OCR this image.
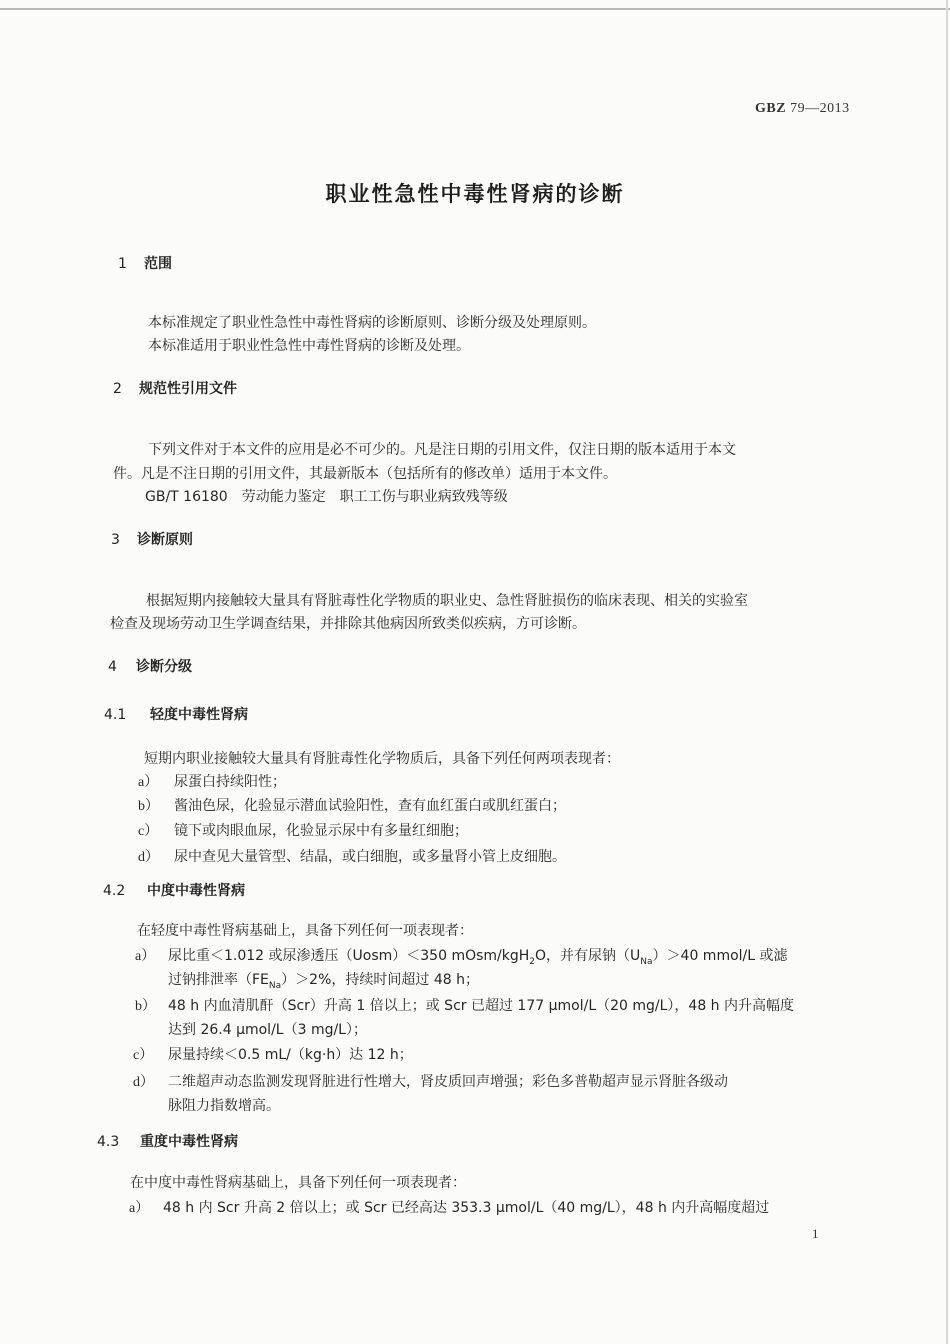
GBZ 79—2013
职业性急性中毒性肾病的诊断
1 范围
本标准规定了职业性急性中毒性肾病的诊断原则、诊断分级及处理原则。
本标准适用于职业性急性中毒性肾病的诊断及处理。
2 规范性引用文件
下列文件对于本文件的应用是必不可少的。凡是注日期的引用文件，仅注日期的版本适用于本文
件。凡是不注日期的引用文件，其最新版本（包括所有的修改单）适用于本文件。
GB/T 16180　劳动能力鉴定　职工工伤与职业病致残等级
3 诊断原则
根据短期内接触较大量具有肾脏毒性化学物质的职业史、急性肾脏损伤的临床表现、相关的实验室
检查及现场劳动卫生学调查结果，并排除其他病因所致类似疾病，方可诊断。
4 诊断分级
4.1 轻度中毒性肾病
短期内职业接触较大量具有肾脏毒性化学物质后，具备下列任何两项表现者：
a） 尿蛋白持续阳性；
b） 酱油色尿，化验显示潜血试验阳性，查有血红蛋白或肌红蛋白；
c） 镜下或肉眼血尿，化验显示尿中有多量红细胞；
d） 尿中查见大量管型、结晶，或白细胞，或多量肾小管上皮细胞。
4.2 中度中毒性肾病
在轻度中毒性肾病基础上，具备下列任何一项表现者：
a） 尿比重＜1.012 或尿渗透压（Uosm）＜350 mOsm/kgH$_2$O，并有尿钠$(U_{Na})>40$ mmol/L 或滤
过钠排泄率$(FE_{Na})>2\%$，持续时间超过 48 h；
b） 48 h 内血清肌酐（Scr）升高 1 倍以上；或 Scr 已超过 177 μmol/L（20 mg/L），48 h 内升高幅度
达到 26.4 μmol/L（3 mg/L）；
c） 尿量持续＜0.5 mL/（kg·h）达 12 h；
d） 二维超声动态监测发现肾脏进行性增大，肾皮质回声增强；彩色多普勒超声显示肾脏各级动
脉阻力指数增高。
4.3 重度中毒性肾病
在中度中毒性肾病基础上，具备下列任何一项表现者：
a） 48 h 内 Scr 升高 2 倍以上；或 Scr 已经高达 353.3 μmol/L（40 mg/L），48 h 内升高幅度超过
1
